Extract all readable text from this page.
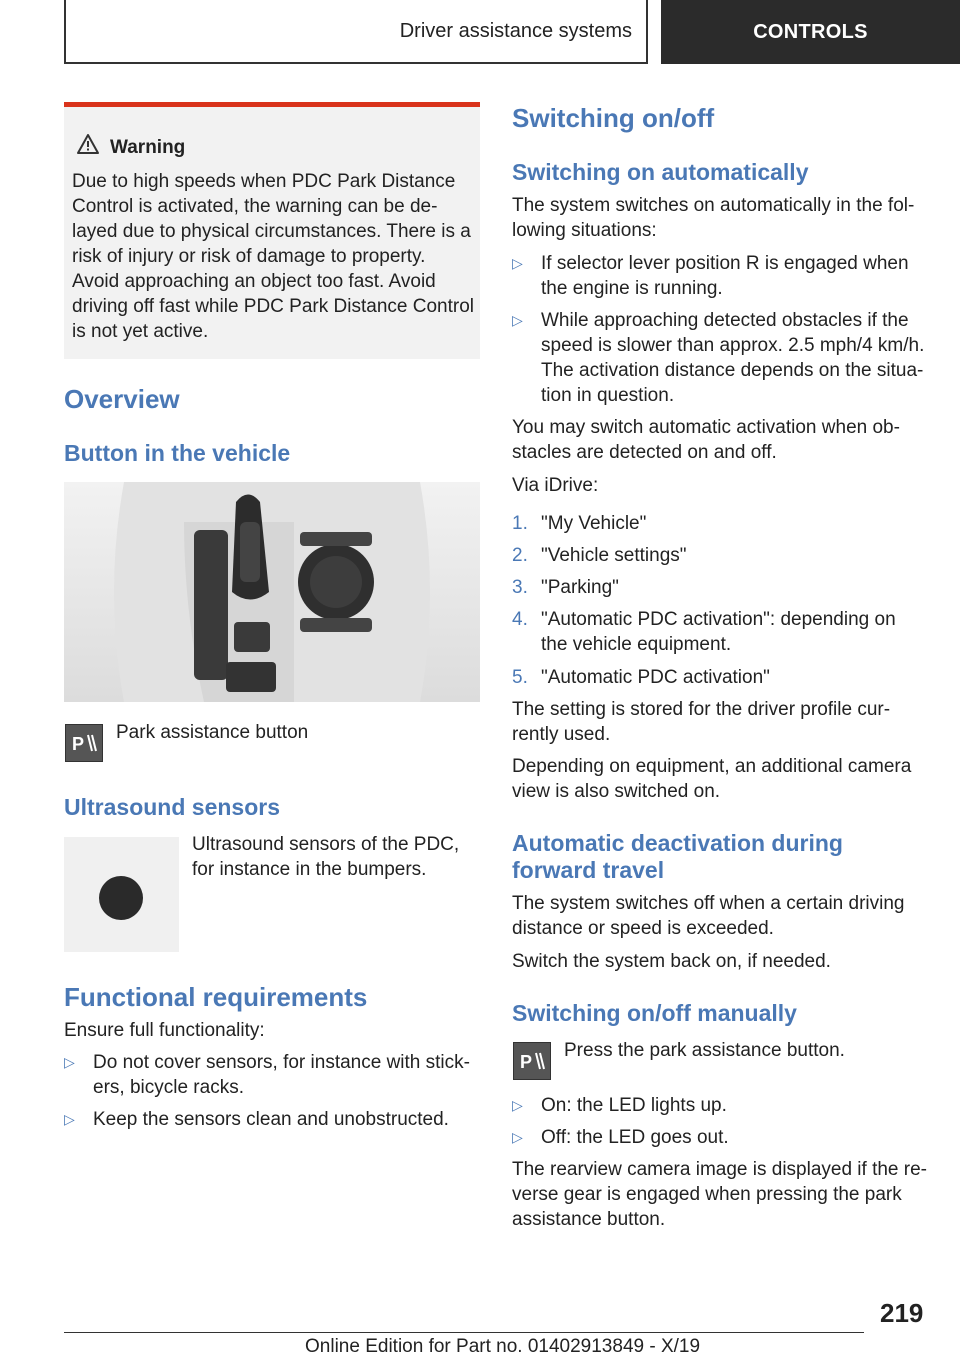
Driver assistance systems	CONTROLS
Warning

Due to high speeds when PDC Park Distance

Control is activated, the warning can be de‐

layed due to physical circumstances. There is a

risk of injury or risk of damage to property.

Avoid approaching an object too fast. Avoid

driving off fast while PDC Park Distance Control

is not yet active.

Overview
Button in the vehicle
P
Park assistance button
Ultrasound sensors

Ultrasound sensors of the PDC,

for instance in the bumpers.

Functional requirements
Ensure full functionality:
▷ Do not cover sensors, for instance with stick‐

ers, bicycle racks.

▷ Keep the sensors clean and unobstructed.

Switching on/off
Switching on automatically

The system switches on automatically in the fol‐

lowing situations:

▷ If selector lever position R is engaged when

the engine is running.

▷ While approaching detected obstacles if the

speed is slower than approx. 2.5 mph/4 km/h.

The activation distance depends on the situa‐

tion in question.

You may switch automatic activation when ob‐

stacles are detected on and off.

Via iDrive:
1. "My Vehicle"

2. "Vehicle settings"

3. "Parking"

4. "Automatic PDC activation": depending on

the vehicle equipment.

5. "Automatic PDC activation"

The setting is stored for the driver profile cur‐

rently used.

Depending on equipment, an additional camera

view is also switched on.

Automatic deactivation during
forward travel

The system switches off when a certain driving

distance or speed is exceeded.

Switch the system back on, if needed.
Switching on/off manually
P
Press the park assistance button.
▷ On: the LED lights up.

▷ Off: the LED goes out.

The rearview camera image is displayed if the re‐

verse gear is engaged when pressing the park

assistance button.

219
Online Edition for Part no. 01402913849 - X/19
